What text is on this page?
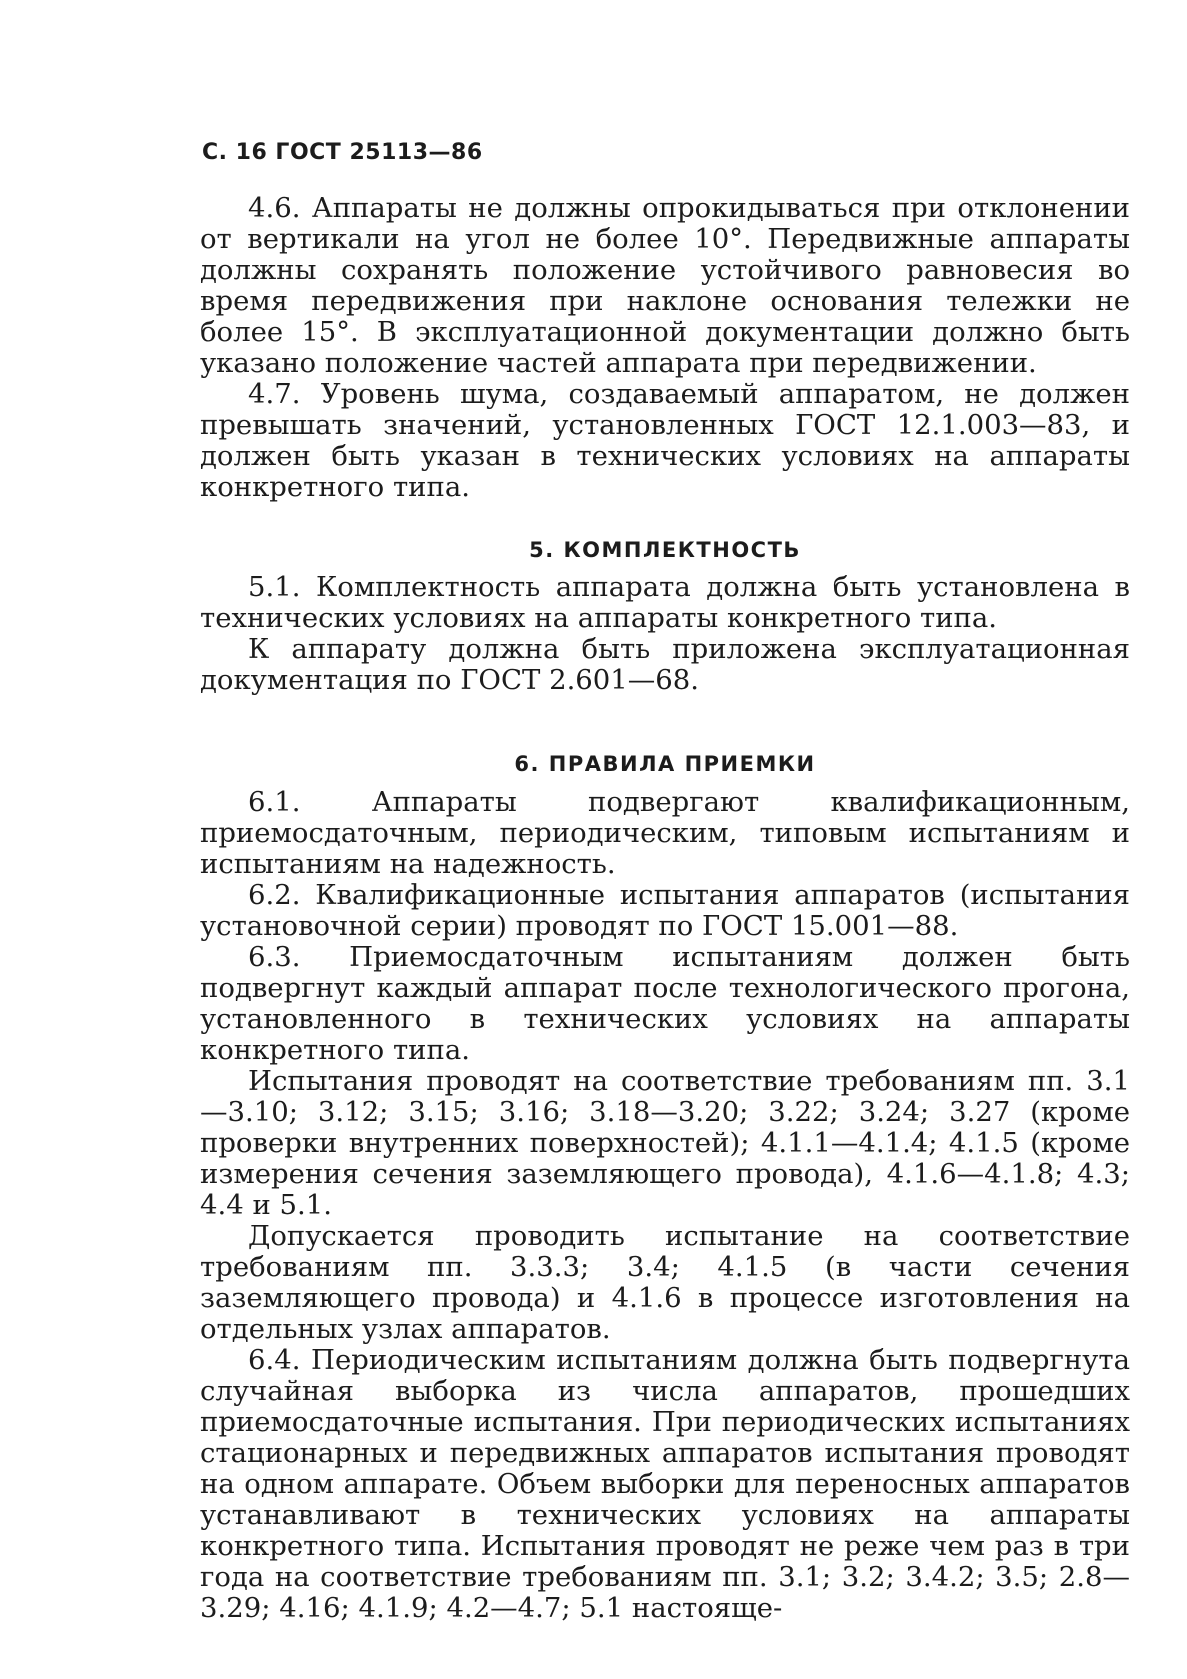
С. 16 ГОСТ 25113—86

4.6. Аппараты не должны опрокидываться при отклонении от вертикали на угол не более 10°. Передвижные аппараты должны сохранять положение устойчивого равновесия во время передвижения при наклоне основания тележки не более 15°. В эксплуатационной документации должно быть указано положение частей аппарата при передвижении.

4.7. Уровень шума, создаваемый аппаратом, не должен превышать значений, установленных ГОСТ 12.1.003—83, и должен быть указан в технических условиях на аппараты конкретного типа.

5. КОМПЛЕКТНОСТЬ

5.1. Комплектность аппарата должна быть установлена в технических условиях на аппараты конкретного типа.

К аппарату должна быть приложена эксплуатационная документация по ГОСТ 2.601—68.

6. ПРАВИЛА ПРИЕМКИ

6.1. Аппараты подвергают квалификационным, приемосдаточным, периодическим, типовым испытаниям и испытаниям на надежность.

6.2. Квалификационные испытания аппаратов (испытания установочной серии) проводят по ГОСТ 15.001—88.

6.3. Приемосдаточным испытаниям должен быть подвергнут каждый аппарат после технологического прогона, установленного в технических условиях на аппараты конкретного типа.

Испытания проводят на соответствие требованиям пп. 3.1—3.10; 3.12; 3.15; 3.16; 3.18—3.20; 3.22; 3.24; 3.27 (кроме проверки внутренних поверхностей); 4.1.1—4.1.4; 4.1.5 (кроме измерения сечения заземляющего провода), 4.1.6—4.1.8; 4.3; 4.4 и 5.1.

Допускается проводить испытание на соответствие требованиям пп. 3.3.3; 3.4; 4.1.5 (в части сечения заземляющего провода) и 4.1.6 в процессе изготовления на отдельных узлах аппаратов.

6.4. Периодическим испытаниям должна быть подвергнута случайная выборка из числа аппаратов, прошедших приемосдаточные испытания. При периодических испытаниях стационарных и передвижных аппаратов испытания проводят на одном аппарате. Объем выборки для переносных аппаратов устанавливают в технических условиях на аппараты конкретного типа. Испытания проводят не реже чем раз в три года на соответствие требованиям пп. 3.1; 3.2; 3.4.2; 3.5; 2.8—3.29; 4.16; 4.1.9; 4.2—4.7; 5.1 настояще-
